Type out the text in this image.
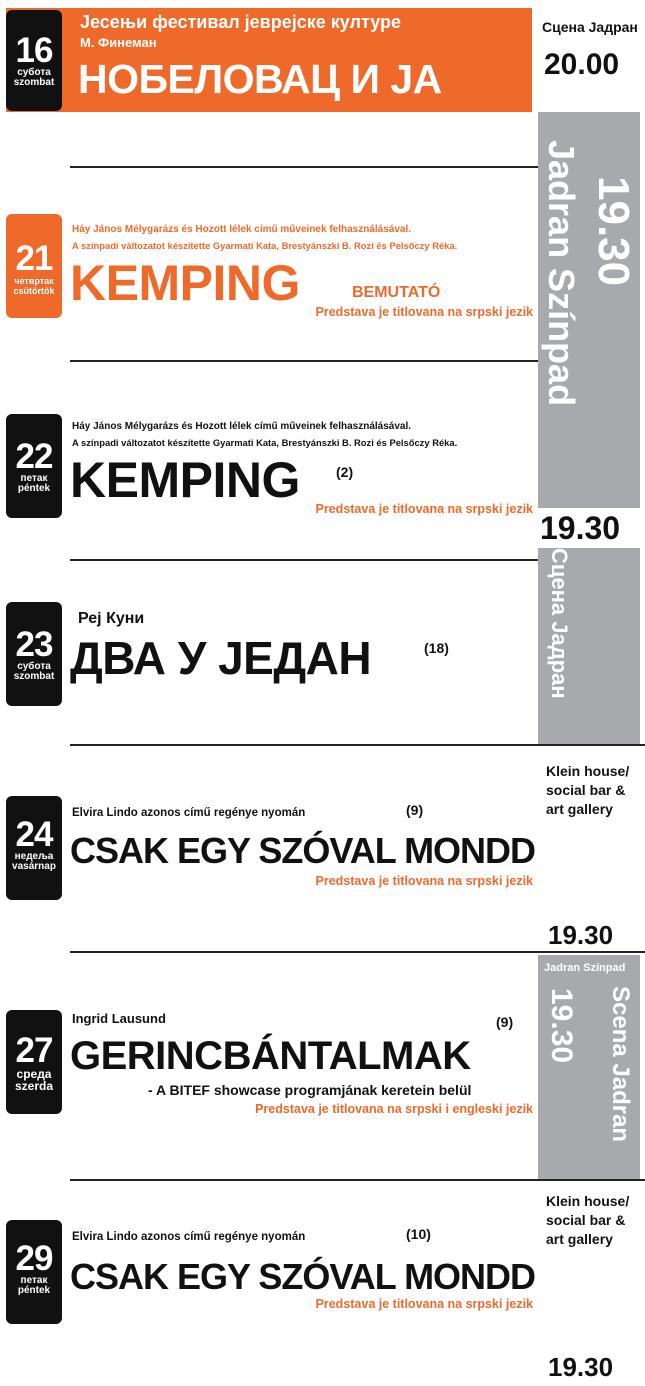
16
субота
szombat
Јесењи фестивал јеврејске културе
М. Финеман
НОБЕЛОВАЦ И ЈА
Сцена Јадран
20.00
21
четвртак
csütörtök
Háy János Mélygarázs és Hozott lélek című műveinek felhasználásával.
A színpadi változatot készítette Gyarmati Kata, Brestyánszki B. Rozi és Pelsőczy Réka.
KEMPING	BEMUTATÓ
Predstava je titlovana na srpski jezik
19.30
Jadran Színpad
22
петак
péntek
Háy János Mélygarázs és Hozott lélek című műveinek felhasználásával.
A színpadi változatot készítette Gyarmati Kata, Brestyánszki B. Rozi és Pelsőczy Réka.
KEMPING	(2)
Predstava je titlovana na srpski jezik
19.30
Сцена Јадран
23
субота
szombat
Реј Куни
ДВА У ЈЕДАН	(18)
24
недеља
vasárnap
Elvira Lindo azonos című regénye nyomán	(9)
CSAK EGY SZÓVAL MONDD
Predstava je titlovana na srpski jezik
Klein house/ social bar & art gallery
19.30
27
среда
szerda
Ingrid Lausund	(9)
GERINCBÁNTALMAK
- A BITEF showcase programjának keretein belül
Predstava je titlovana na srpski i engleski jezik
Jadran Színpad
19.30 Scena Jadran
29
петак
péntek
Elvira Lindo azonos című regénye nyomán	(10)
CSAK EGY SZÓVAL MONDD
Predstava je titlovana na srpski jezik
Klein house/ social bar & art gallery
19.30
